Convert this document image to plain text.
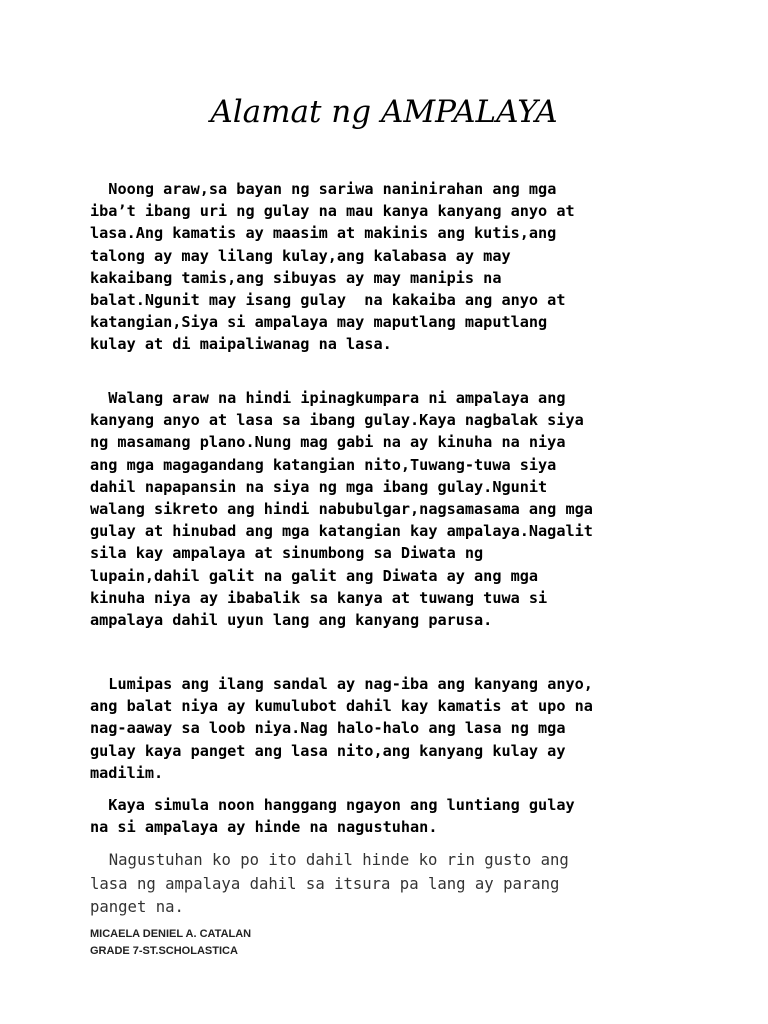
Alamat ng AMPALAYA

Noong araw,sa bayan ng sariwa naninirahan ang mga
iba’t ibang uri ng gulay na mau kanya kanyang anyo at
lasa.Ang kamatis ay maasim at makinis ang kutis,ang
talong ay may lilang kulay,ang kalabasa ay may
kakaibang tamis,ang sibuyas ay may manipis na
balat.Ngunit may isang gulay  na kakaiba ang anyo at
katangian,Siya si ampalaya may maputlang maputlang
kulay at di maipaliwanag na lasa.

Walang araw na hindi ipinagkumpara ni ampalaya ang
kanyang anyo at lasa sa ibang gulay.Kaya nagbalak siya
ng masamang plano.Nung mag gabi na ay kinuha na niya
ang mga magagandang katangian nito,Tuwang-tuwa siya
dahil napapansin na siya ng mga ibang gulay.Ngunit
walang sikreto ang hindi nabubulgar,nagsamasama ang mga
gulay at hinubad ang mga katangian kay ampalaya.Nagalit
sila kay ampalaya at sinumbong sa Diwata ng
lupain,dahil galit na galit ang Diwata ay ang mga
kinuha niya ay ibabalik sa kanya at tuwang tuwa si
ampalaya dahil uyun lang ang kanyang parusa.

Lumipas ang ilang sandal ay nag-iba ang kanyang anyo,
ang balat niya ay kumulubot dahil kay kamatis at upo na
nag-aaway sa loob niya.Nag halo-halo ang lasa ng mga
gulay kaya panget ang lasa nito,ang kanyang kulay ay
madilim.

Kaya simula noon hanggang ngayon ang luntiang gulay
na si ampalaya ay hinde na nagustuhan.

Nagustuhan ko po ito dahil hinde ko rin gusto ang
lasa ng ampalaya dahil sa itsura pa lang ay parang
panget na.

MICAELA DENIEL A. CATALAN
GRADE 7-ST.SCHOLASTICA
